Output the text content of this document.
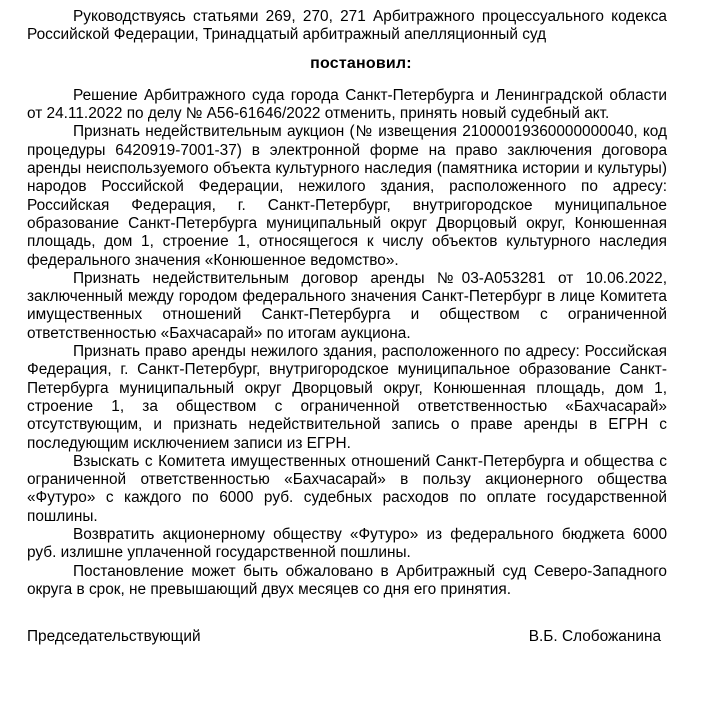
Руководствуясь статьями 269, 270, 271 Арбитражного процессуального кодекса Российской Федерации, Тринадцатый арбитражный апелляционный суд

постановил:

Решение Арбитражного суда города Санкт-Петербурга и Ленинградской области от 24.11.2022 по делу № А56-61646/2022 отменить, принять новый судебный акт.

Признать недействительным аукцион (№ извещения 21000019360000000040, код процедуры 6420919-7001-37) в электронной форме на право заключения договора аренды неиспользуемого объекта культурного наследия (памятника истории и культуры) народов Российской Федерации, нежилого здания, расположенного по адресу: Российская Федерация, г. Санкт-Петербург, внутригородское муниципальное образование Санкт-Петербурга муниципальный округ Дворцовый округ, Конюшенная площадь, дом 1, строение 1, относящегося к числу объектов культурного наследия федерального значения «Конюшенное ведомство».

Признать недействительным договор аренды №03-А053281 от 10.06.2022, заключенный между городом федерального значения Санкт-Петербург в лице Комитета имущественных отношений Санкт-Петербурга и обществом с ограниченной ответственностью «Бахчасарай» по итогам аукциона.

Признать право аренды нежилого здания, расположенного по адресу: Российская Федерация, г. Санкт-Петербург, внутригородское муниципальное образование Санкт-Петербурга муниципальный округ Дворцовый округ, Конюшенная площадь, дом 1, строение 1, за обществом с ограниченной ответственностью «Бахчасарай» отсутствующим, и признать недействительной запись о праве аренды в ЕГРН с последующим исключением записи из ЕГРН.

Взыскать с Комитета имущественных отношений Санкт-Петербурга и общества с ограниченной ответственностью «Бахчасарай» в пользу акционерного общества «Футуро» с каждого по 6000 руб. судебных расходов по оплате государственной пошлины.

Возвратить акционерному обществу «Футуро» из федерального бюджета 6000 руб. излишне уплаченной государственной пошлины.

Постановление может быть обжаловано в Арбитражный суд Северо-Западного округа в срок, не превышающий двух месяцев со дня его принятия.

Председательствующий	В.Б. Слобожанина
